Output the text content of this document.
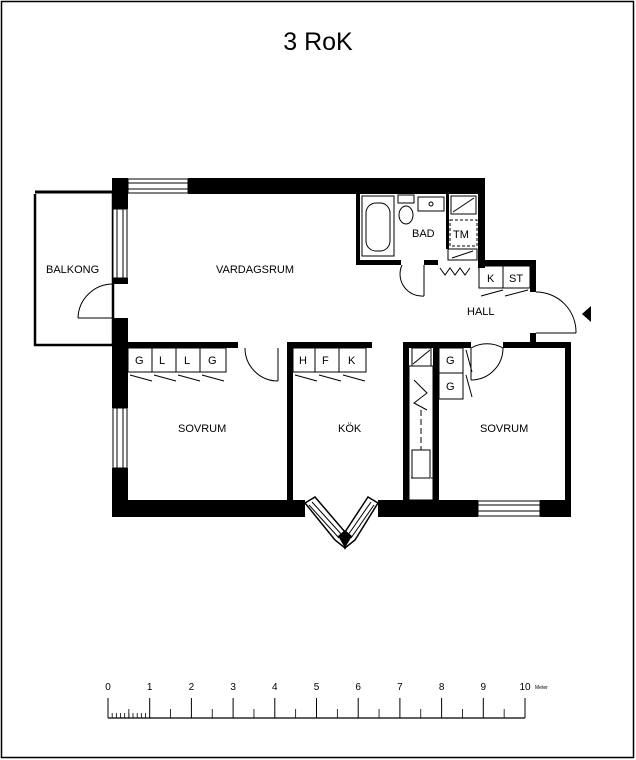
BALKONG	VARDAGSRUM
BAD
HALL
SOVRUM	KÖK	SOVRUM
TM
K ST
G L L G	H F K	G
G
0	1	2	3	4	5	6	7	8	9	10
3 RoK
Meter
